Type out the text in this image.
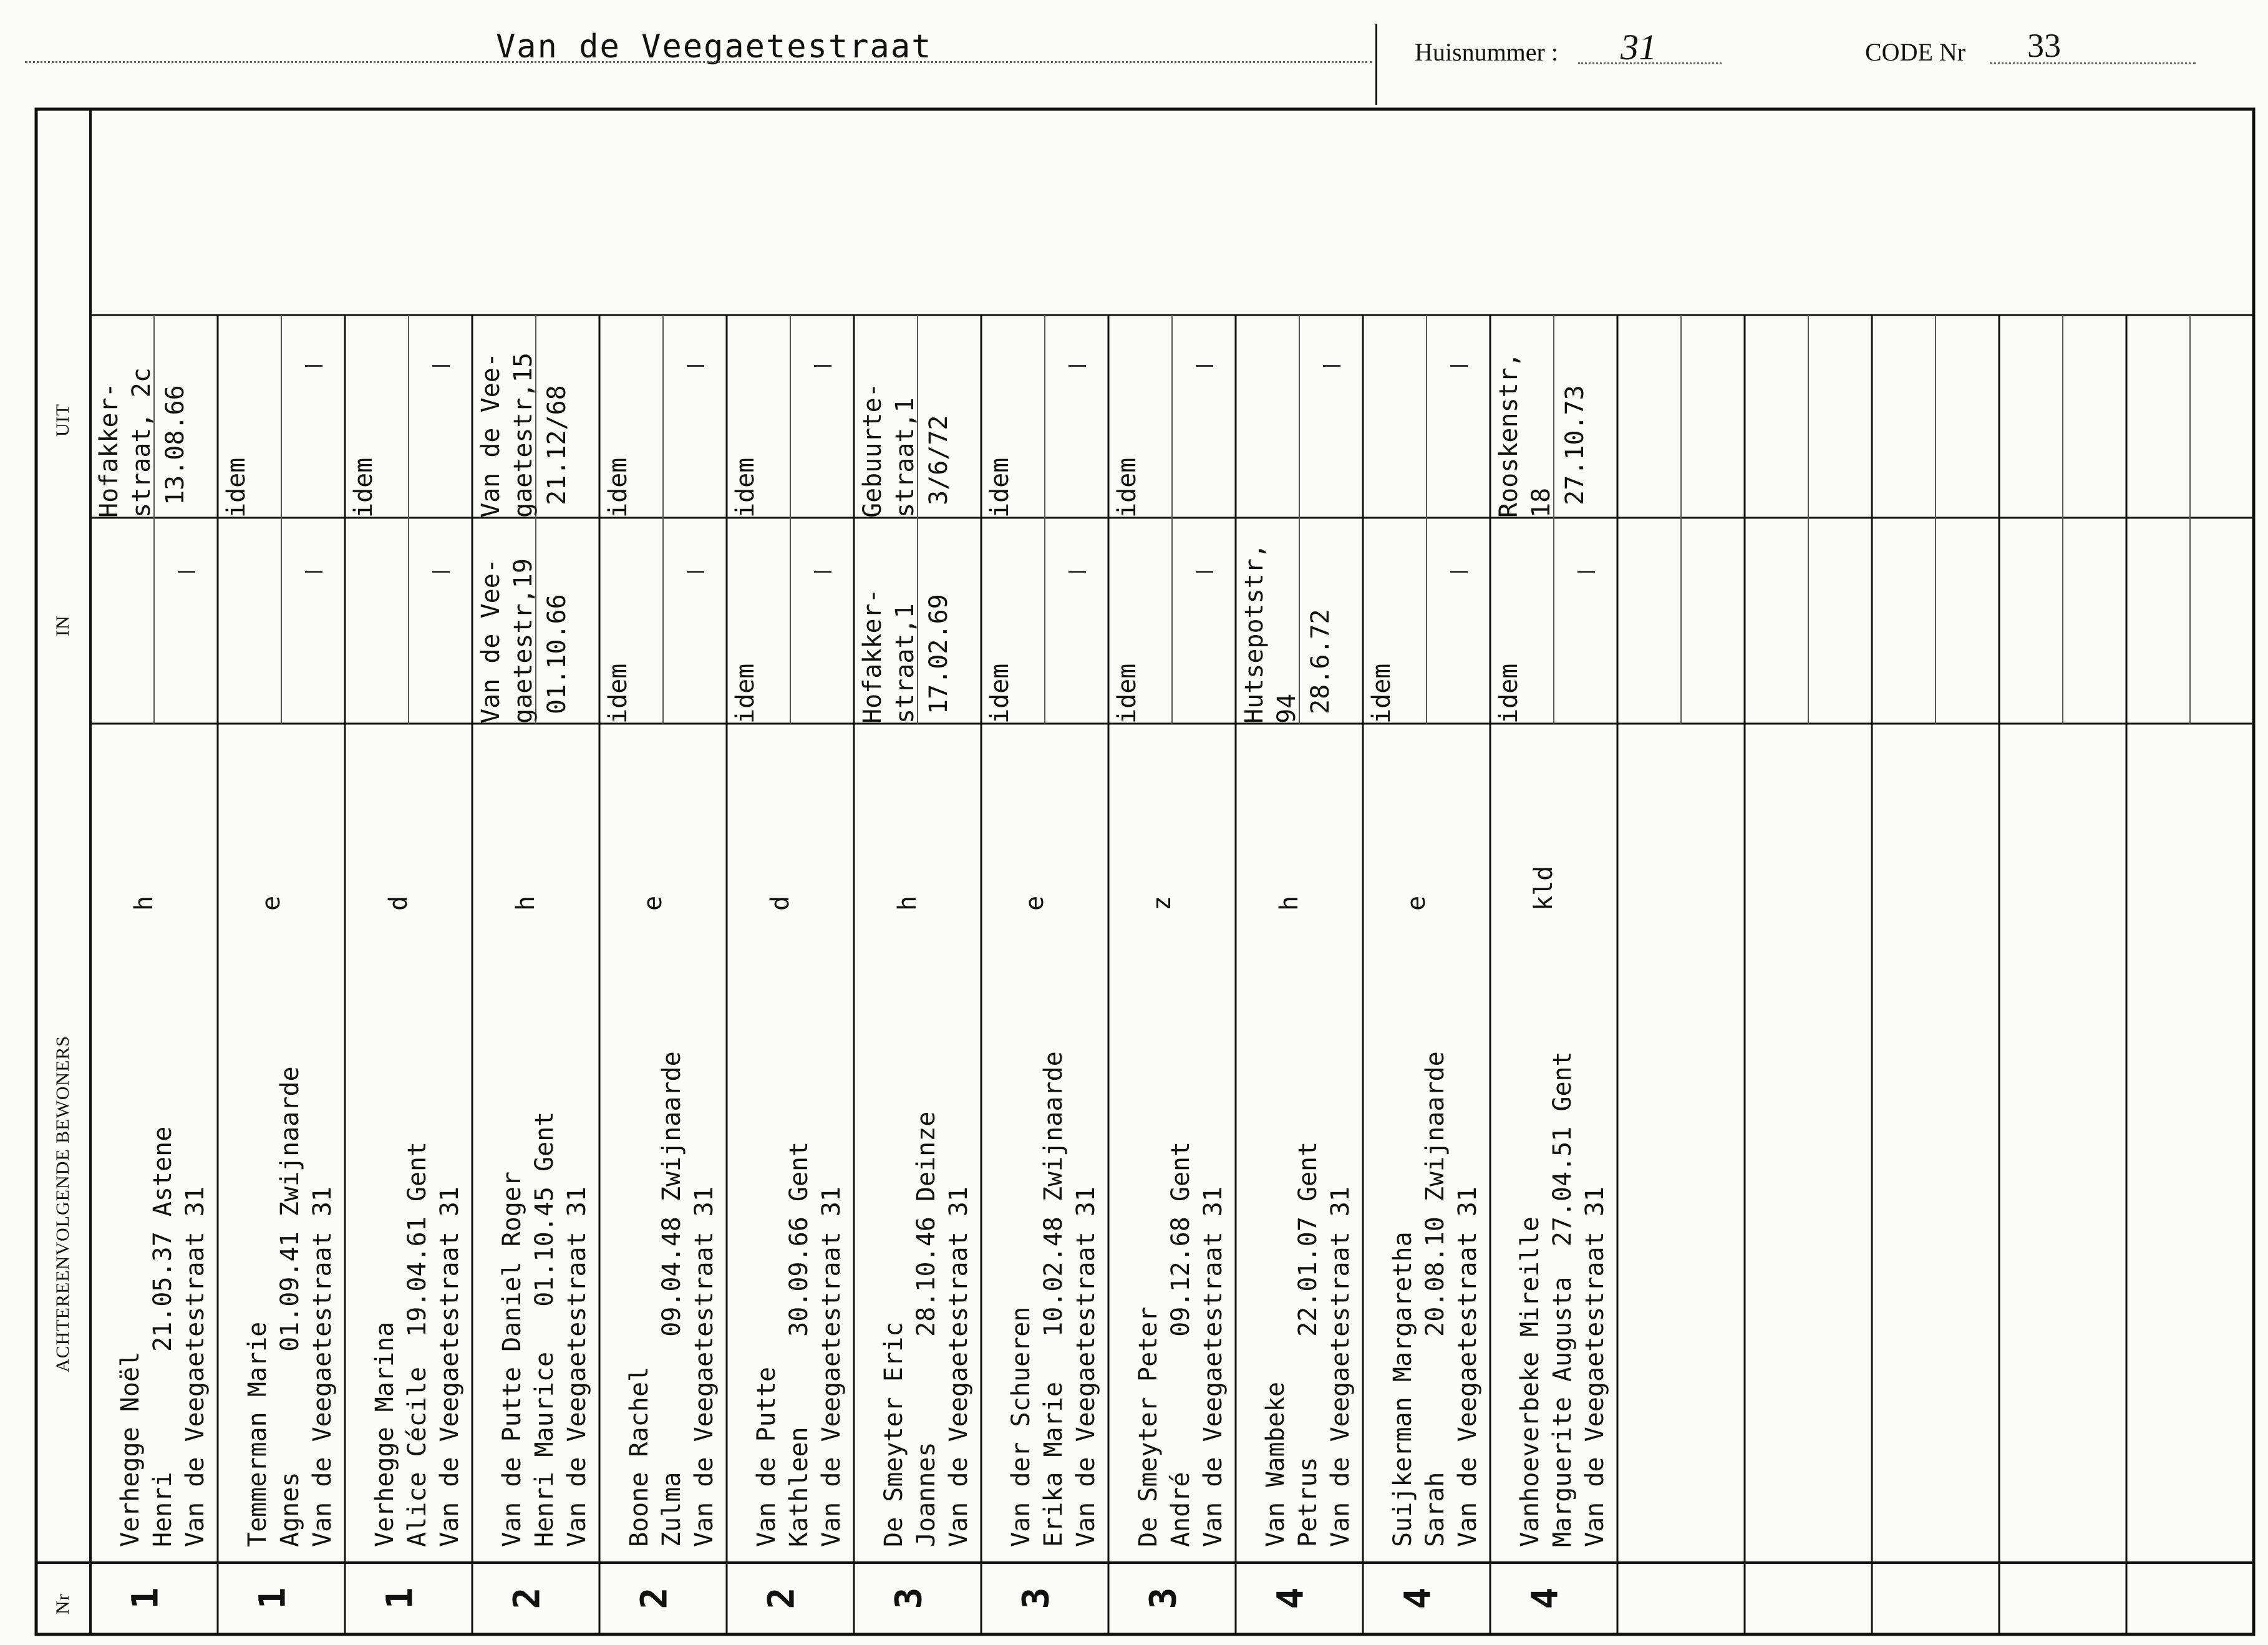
Van de Veegaetestraat	Huisnummer : 31	CODE Nr 33
Nr
ACHTEREENVOLGENDE BEWONERS
IN
UIT
1
Verhegge Noël
Henri        21.05.37 Astene
Van de Veegaetestraat 31
h
Hofakker-
straat, 2c
13.08.66
1
Temmerman Marie
Agnes        01.09.41 Zwijnaarde
Van de Veegaetestraat 31
e
idem
1
Verhegge Marina
Alice Cécile  19.04.61 Gent
Van de Veegaetestraat 31
d
idem
2
Van de Putte Daniel Roger
Henri Maurice   01.10.45 Gent
Van de Veegaetestraat 31
h
Van de Vee-
gaetestr,19 01.10.66
Van de Vee-
gaetestr,15 21.12/68
2
Boone Rachel
Zulma         09.04.48 Zwijnaarde
Van de Veegaetestraat 31
e
idem
idem
2
Van de Putte
Kathleen      30.09.66 Gent
Van de Veegaetestraat 31
d
idem
idem
3
De Smeyter Eric
Joannes       28.10.46 Deinze
Van de Veegaetestraat 31
h
Hofakker-
straat,1 17.02.69
Gebuurte-
straat,1 3/6/72
3
Van der Schueren
Erika Marie   10.02.48 Zwijnaarde
Van de Veegaetestraat 31
e
idem
idem
3
De Smeyter Peter
André         09.12.68 Gent
Van de Veegaetestraat 31
z
idem
idem
4
Van Wambeke
Petrus        22.01.07 Gent
Van de Veegaetestraat 31
h
Hutsepotstr,
94 28.6.72
4
Suijkerman Margaretha
Sarah         20.08.10 Zwijnaarde
Van de Veegaetestraat 31
e
idem
4
Vanhoeverbeke Mireille
Marguerite Augusta  27.04.51 Gent
Van de Veegaetestraat 31
kld
idem
Rooskenstr,
18 27.10.73
